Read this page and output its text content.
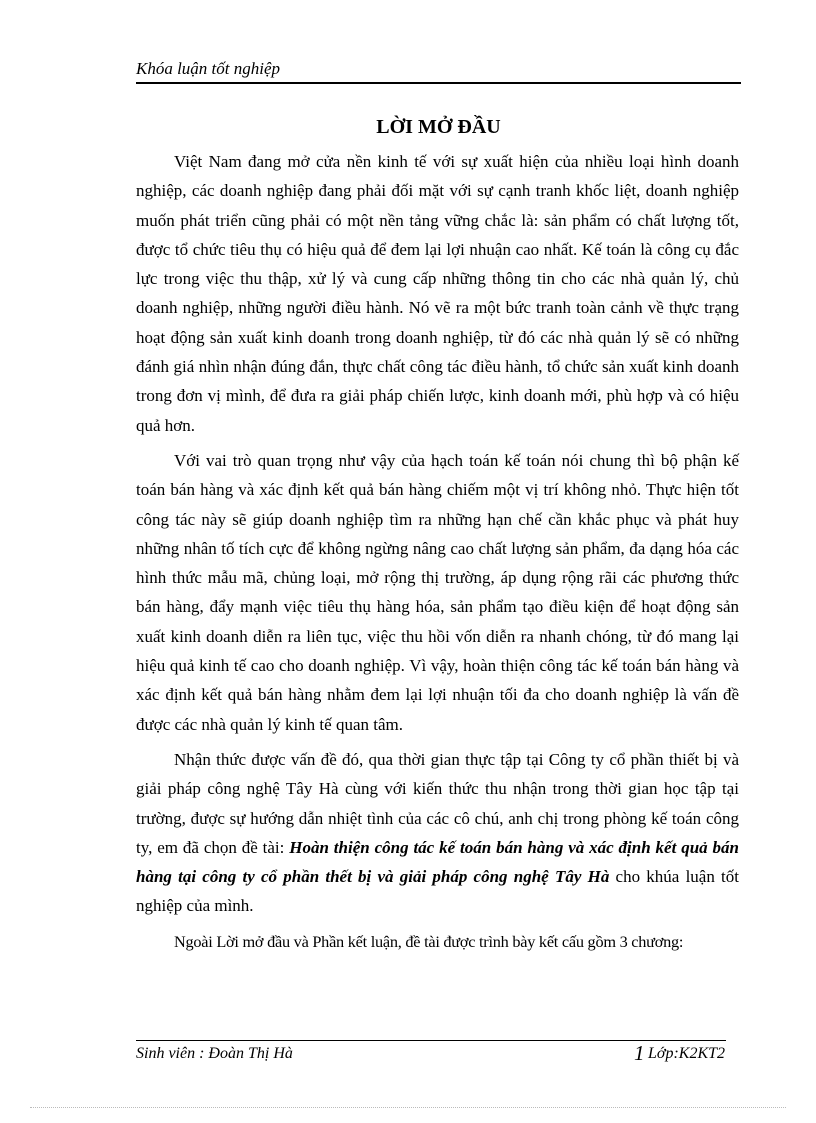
Khóa luận tốt nghiệp
LỜI MỞ ĐẦU

Việt Nam đang mở cửa nền kinh tế với sự xuất hiện của nhiều loại hình doanh nghiệp, các doanh nghiệp đang phải đối mặt với sự cạnh tranh khốc liệt, doanh nghiệp muốn phát triển cũng phải có một nền tảng vững chắc là: sản phẩm có chất lượng tốt, được tổ chức tiêu thụ có hiệu quả để đem lại lợi nhuận cao nhất. Kế toán là công cụ đắc lực trong việc thu thập, xử lý và cung cấp những thông tin cho các nhà quản lý, chủ doanh nghiệp, những người điều hành. Nó vẽ ra một bức tranh toàn cảnh về thực trạng hoạt động sản xuất kinh doanh trong doanh nghiệp, từ đó các nhà quản lý sẽ có những đánh giá nhìn nhận đúng đắn, thực chất công tác điều hành, tổ chức sản xuất kinh doanh trong đơn vị mình, để đưa ra giải pháp chiến lược, kinh doanh mới, phù hợp và có hiệu quả hơn.

Với vai trò quan trọng như vậy của hạch toán kế toán nói chung thì bộ phận kế toán bán hàng và xác định kết quả bán hàng chiếm một vị trí không nhỏ. Thực hiện tốt công tác này sẽ giúp doanh nghiệp tìm ra những hạn chế cần khắc phục và phát huy những nhân tố tích cực để không ngừng nâng cao chất lượng sản phẩm, đa dạng hóa các hình thức mẫu mã, chủng loại, mở rộng thị trường, áp dụng rộng rãi các phương thức bán hàng, đẩy mạnh việc tiêu thụ hàng hóa, sản phẩm tạo điều kiện để hoạt động sản xuất kinh doanh diễn ra liên tục, việc thu hồi vốn diễn ra nhanh chóng, từ đó mang lại hiệu quả kinh tế cao cho doanh nghiệp. Vì vậy, hoàn thiện công tác kế toán bán hàng và xác định kết quả bán hàng nhằm đem lại lợi nhuận tối đa cho doanh nghiệp là vấn đề được các nhà quản lý kinh tế quan tâm.

Nhận thức được vấn đề đó, qua thời gian thực tập tại Công ty cổ phần thiết bị và giải pháp công nghệ Tây Hà cùng với kiến thức thu nhận trong thời gian học tập tại trường, được sự hướng dẫn nhiệt tình của các cô chú, anh chị trong phòng kế toán công ty, em đã chọn đề tài: Hoàn thiện công tác kế toán bán hàng và xác định kết quả bán hàng tại công ty cổ phần thết bị và giải pháp công nghệ Tây Hà cho khúa luận tốt nghiệp của mình.

Ngoài Lời mở đầu và Phần kết luận, đề tài được trình bày kết cấu gồm 3 chương:

Sinh viên : Đoàn Thị Hà	1 Lớp:K2KT2
